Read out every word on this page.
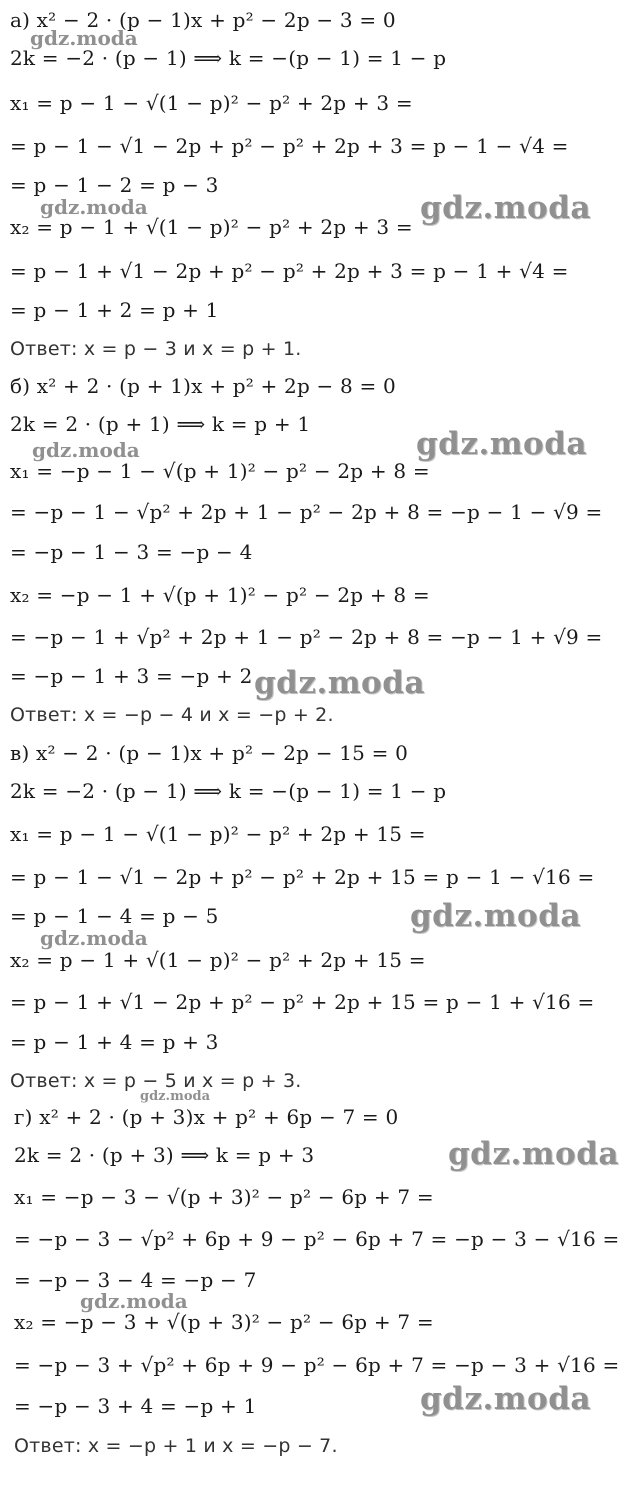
а) x² − 2 · (p − 1)x + p² − 2p − 3 = 0
2k = −2 · (p − 1) ⟹ k = −(p − 1) = 1 − p
x₁ = p − 1 − √(1 − p)² − p² + 2p + 3 =
= p − 1 − √1 − 2p + p² − p² + 2p + 3 = p − 1 − √4 =
= p − 1 − 2 = p − 3
x₂ = p − 1 + √(1 − p)² − p² + 2p + 3 =
= p − 1 + √1 − 2p + p² − p² + 2p + 3 = p − 1 + √4 =
= p − 1 + 2 = p + 1
Ответ: x = p − 3 и x = p + 1.
б) x² + 2 · (p + 1)x + p² + 2p − 8 = 0
2k = 2 · (p + 1) ⟹ k = p + 1
x₁ = −p − 1 − √(p + 1)² − p² − 2p + 8 =
= −p − 1 − √p² + 2p + 1 − p² − 2p + 8 = −p − 1 − √9 =
= −p − 1 − 3 = −p − 4
x₂ = −p − 1 + √(p + 1)² − p² − 2p + 8 =
= −p − 1 + √p² + 2p + 1 − p² − 2p + 8 = −p − 1 + √9 =
= −p − 1 + 3 = −p + 2
Ответ: x = −p − 4 и x = −p + 2.
в) x² − 2 · (p − 1)x + p² − 2p − 15 = 0
2k = −2 · (p − 1) ⟹ k = −(p − 1) = 1 − p
x₁ = p − 1 − √(1 − p)² − p² + 2p + 15 =
= p − 1 − √1 − 2p + p² − p² + 2p + 15 = p − 1 − √16 =
= p − 1 − 4 = p − 5
x₂ = p − 1 + √(1 − p)² − p² + 2p + 15 =
= p − 1 + √1 − 2p + p² − p² + 2p + 15 = p − 1 + √16 =
= p − 1 + 4 = p + 3
Ответ: x = p − 5 и x = p + 3.
г) x² + 2 · (p + 3)x + p² + 6p − 7 = 0
2k = 2 · (p + 3) ⟹ k = p + 3
x₁ = −p − 3 − √(p + 3)² − p² − 6p + 7 =
= −p − 3 − √p² + 6p + 9 − p² − 6p + 7 = −p − 3 − √16 =
= −p − 3 − 4 = −p − 7
x₂ = −p − 3 + √(p + 3)² − p² − 6p + 7 =
= −p − 3 + √p² + 6p + 9 − p² − 6p + 7 = −p − 3 + √16 =
= −p − 3 + 4 = −p + 1
Ответ: x = −p + 1 и x = −p − 7.
gdz.moda
gdz.moda	gdz.moda
gdz.moda	gdz.moda
gdz.moda
gdz.moda
gdz.moda
gdz.moda
gdz.moda
gdz.moda
gdz.moda
